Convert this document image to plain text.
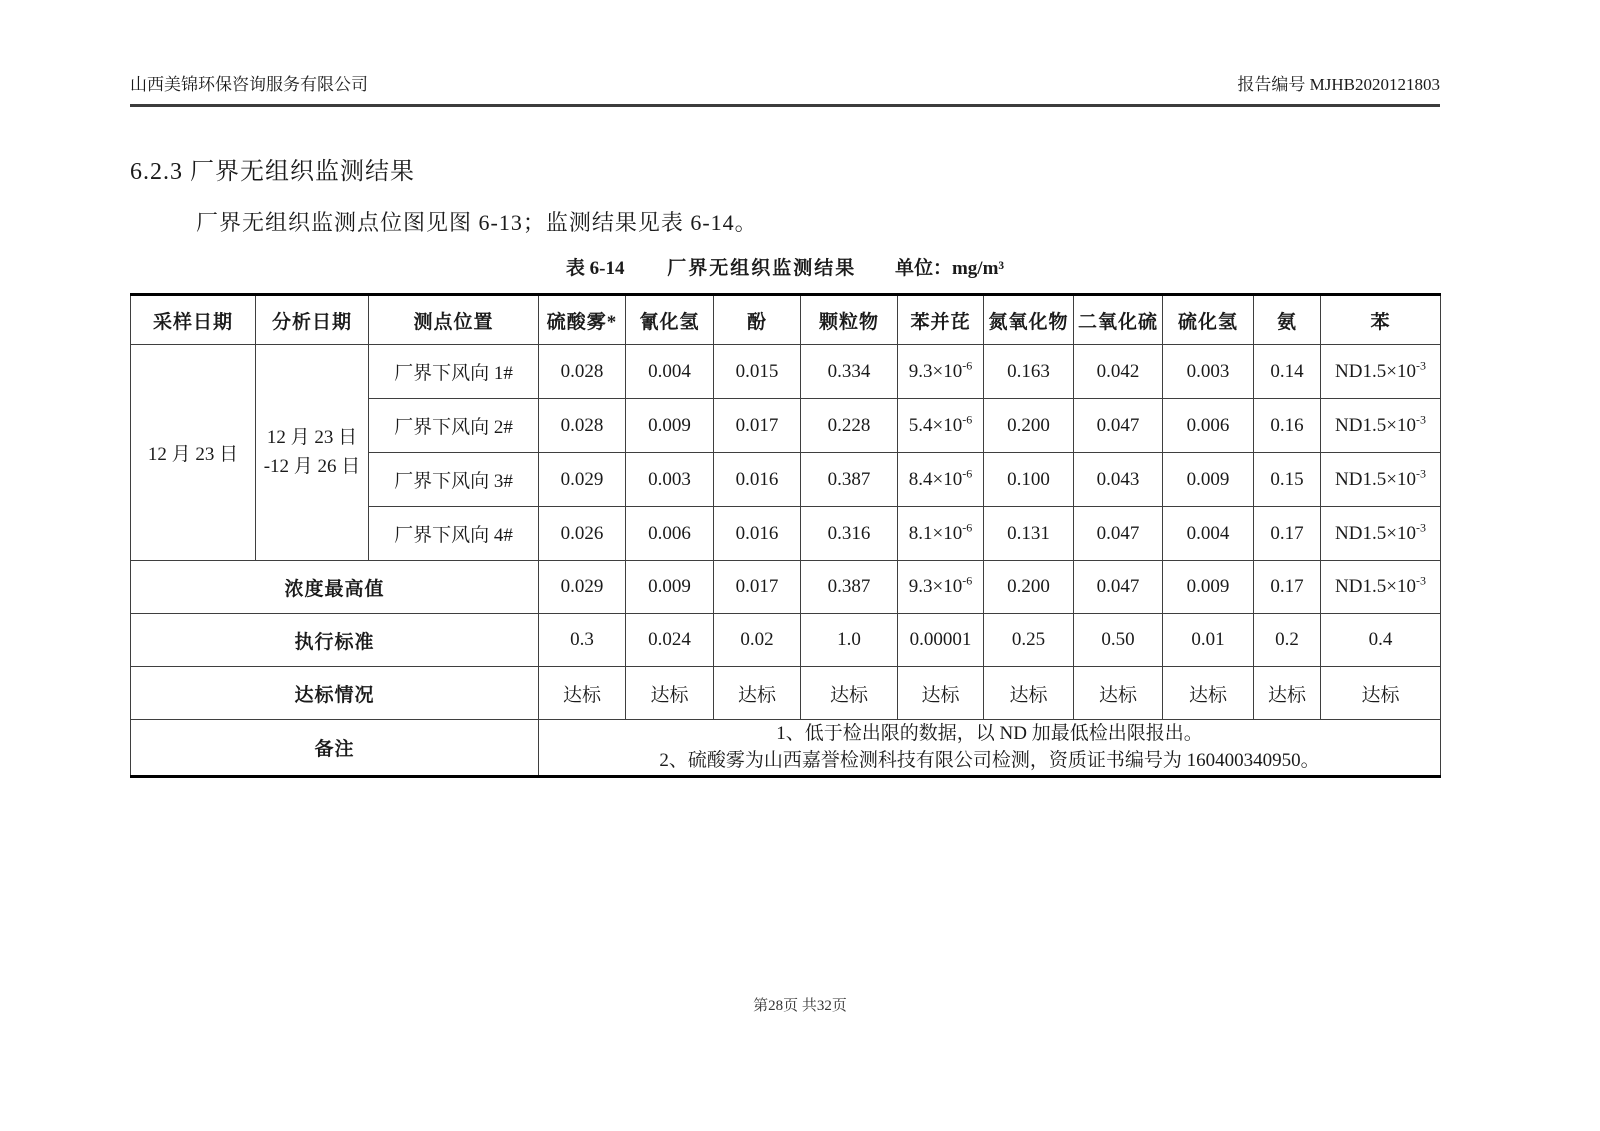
山西美锦环保咨询服务有限公司	报告编号 MJHB2020121803
6.2.3 厂界无组织监测结果
厂界无组织监测点位图见图 6-13；监测结果见表 6-14。
表 6-14 厂界无组织监测结果 单位：mg/m³
采样日期	分析日期	测点位置	硫酸雾*	氰化氢	酚	颗粒物	苯并芘	氮氧化物	二氧化硫	硫化氢	氨	苯
12 月 23 日	12 月 23 日
-12 月 26 日	厂界下风向 1#	0.028	0.004	0.015	0.334	$9.3\times 10^{-6}$	0.163	0.042	0.003	0.14	$ND1.5\times 10^{-3}$
		厂界下风向 2#	0.028	0.009	0.017	0.228	$5.4\times 10^{-6}$	0.200	0.047	0.006	0.16	$ND1.5\times 10^{-3}$
		厂界下风向 3#	0.029	0.003	0.016	0.387	$8.4\times 10^{-6}$	0.100	0.043	0.009	0.15	$ND1.5\times 10^{-3}$
		厂界下风向 4#	0.026	0.006	0.016	0.316	$8.1\times 10^{-6}$	0.131	0.047	0.004	0.17	$ND1.5\times 10^{-3}$
浓度最高值			0.029	0.009	0.017	0.387	$9.3\times 10^{-6}$	0.200	0.047	0.009	0.17	$ND1.5\times 10^{-3}$
执行标准			0.3	0.024	0.02	1.0	0.00001	0.25	0.50	0.01	0.2	0.4
达标情况			达标	达标	达标	达标	达标	达标	达标	达标	达标	达标
备注			1、低于检出限的数据，以 ND 加最低检出限报出。
2、硫酸雾为山西嘉誉检测科技有限公司检测，资质证书编号为 160400340950。									
第28页 共32页
